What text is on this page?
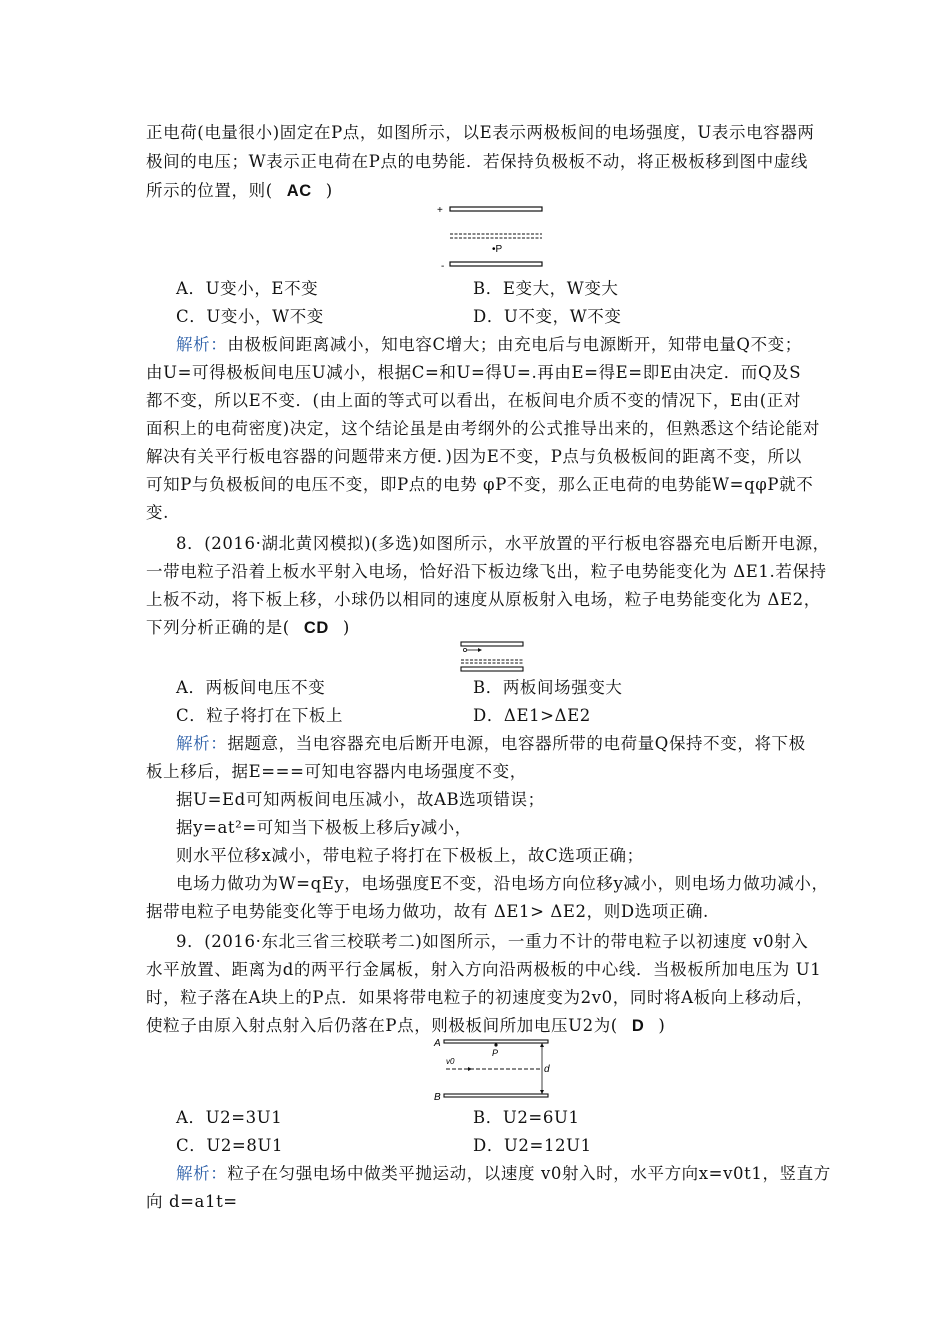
正电荷(电量很小)固定在P点，如图所示，以E表示两极板间的电场强度，U表示电容器两
极间的电压；W表示正电荷在P点的电势能．若保持负极板不动，将正极板移到图中虚线
所示的位置，则( AC )
+
•P
-
A．U变小，E不变	B．E变大，W变大
C．U变小，W不变	D．U不变，W不变
解析：由极板间距离减小，知电容C增大；由充电后与电源断开，知带电量Q不变；
由U=可得极板间电压U减小，根据C=和U=得U=.再由E=得E=即E由决定．而Q及S
都不变，所以E不变．(由上面的等式可以看出，在板间电介质不变的情况下，E由(正对
面积上的电荷密度)决定，这个结论虽是由考纲外的公式推导出来的，但熟悉这个结论能对
解决有关平行板电容器的问题带来方便．)因为E不变，P点与负极板间的距离不变，所以
可知P与负极板间的电压不变，即P点的电势 φP不变，那么正电荷的电势能W=qφP就不
变.
8．(2016·湖北黄冈模拟)(多选)如图所示，水平放置的平行板电容器充电后断开电源，
一带电粒子沿着上板水平射入电场，恰好沿下板边缘飞出，粒子电势能变化为 ΔE1.若保持
上板不动，将下板上移，小球仍以相同的速度从原板射入电场，粒子电势能变化为 ΔE2，
下列分析正确的是( CD )
A．两板间电压不变	B．两板间场强变大
C．粒子将打在下板上	D．ΔE1>ΔE2
解析：据题意，当电容器充电后断开电源，电容器所带的电荷量Q保持不变，将下极
板上移后，据E===可知电容器内电场强度不变，
据U=Ed可知两板间电压减小，故AB选项错误；
据y=at²=可知当下极板上移后y减小，
则水平位移x减小，带电粒子将打在下极板上，故C选项正确；
电场力做功为W=qEy，电场强度E不变，沿电场方向位移y减小，则电场力做功减小，
据带电粒子电势能变化等于电场力做功，故有 ΔE1> ΔE2，则D选项正确.
9．(2016·东北三省三校联考二)如图所示，一重力不计的带电粒子以初速度 v0射入
水平放置、距离为d的两平行金属板，射入方向沿两极板的中心线．当极板所加电压为 U1
时，粒子落在A块上的P点．如果将带电粒子的初速度变为2v0，同时将A板向上移动后，
使粒子由原入射点射入后仍落在P点，则极板间所加电压U2为( D )
A
P
v0
d
B
A．U2=3U1	B．U2=6U1
C．U2=8U1	D．U2=12U1
解析：粒子在匀强电场中做类平抛运动，以速度 v0射入时，水平方向x=v0t1，竖直方
向 d=a1t=
